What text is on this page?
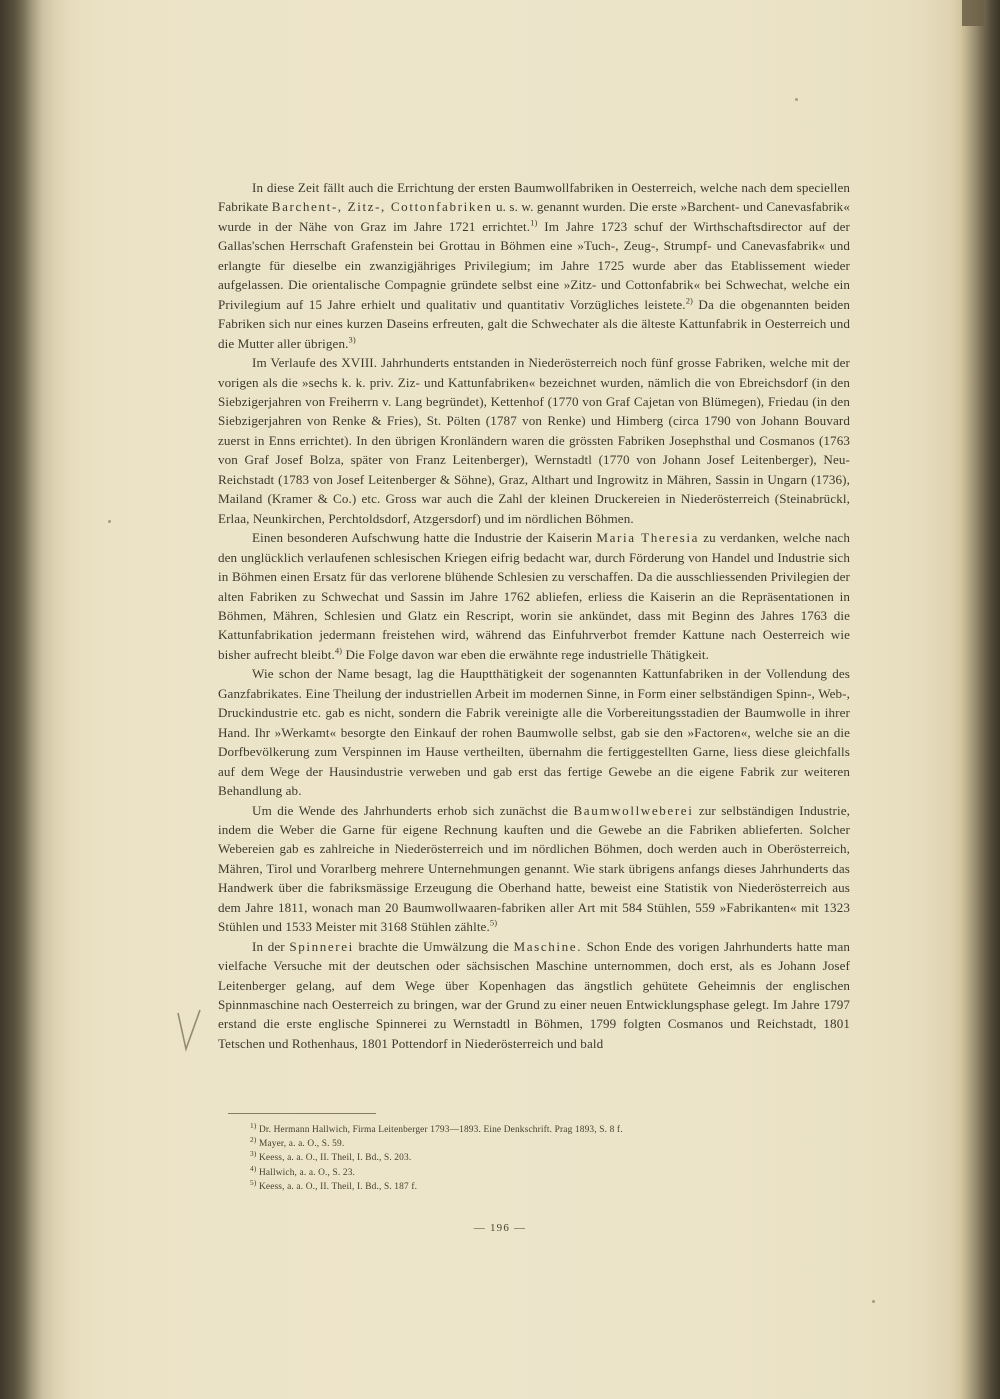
In diese Zeit fällt auch die Errichtung der ersten Baumwollfabriken in Oesterreich, welche nach dem speciellen Fabrikate Barchent-, Zitz-, Cottonfabriken u. s. w. genannt wurden. Die erste »Barchent- und Canevasfabrik« wurde in der Nähe von Graz im Jahre 1721 errichtet.$^{1)}$ Im Jahre 1723 schuf der Wirthschaftsdirector auf der Gallas'schen Herrschaft Grafenstein bei Grottau in Böhmen eine »Tuch-, Zeug-, Strumpf- und Canevasfabrik« und erlangte für dieselbe ein zwanzigjähriges Privilegium; im Jahre 1725 wurde aber das Etablissement wieder aufgelassen. Die orientalische Compagnie gründete selbst eine »Zitz- und Cottonfabrik« bei Schwechat, welche ein Privilegium auf 15 Jahre erhielt und qualitativ und quantitativ Vorzügliches leistete.$^{2)}$ Da die obgenannten beiden Fabriken sich nur eines kurzen Daseins erfreuten, galt die Schwechater als die älteste Kattunfabrik in Oesterreich und die Mutter aller übrigen.$^{3)}$

Im Verlaufe des XVIII. Jahrhunderts entstanden in Niederösterreich noch fünf grosse Fabriken, welche mit der vorigen als die »sechs k. k. priv. Ziz- und Kattunfabriken« bezeichnet wurden, nämlich die von Ebreichsdorf (in den Siebzigerjahren von Freiherrn v. Lang begründet), Kettenhof (1770 von Graf Cajetan von Blümegen), Friedau (in den Siebzigerjahren von Renke & Fries), St. Pölten (1787 von Renke) und Himberg (circa 1790 von Johann Bouvard zuerst in Enns errichtet). In den übrigen Kronländern waren die grössten Fabriken Josephsthal und Cosmanos (1763 von Graf Josef Bolza, später von Franz Leitenberger), Wernstadtl (1770 von Johann Josef Leitenberger), Neu-Reichstadt (1783 von Josef Leitenberger & Söhne), Graz, Althart und Ingrowitz in Mähren, Sassin in Ungarn (1736), Mailand (Kramer & Co.) etc. Gross war auch die Zahl der kleinen Druckereien in Niederösterreich (Steinabrückl, Erlaa, Neunkirchen, Perchtoldsdorf, Atzgersdorf) und im nördlichen Böhmen.

Einen besonderen Aufschwung hatte die Industrie der Kaiserin Maria Theresia zu verdanken, welche nach den unglücklich verlaufenen schlesischen Kriegen eifrig bedacht war, durch Förderung von Handel und Industrie sich in Böhmen einen Ersatz für das verlorene blühende Schlesien zu verschaffen. Da die ausschliessenden Privilegien der alten Fabriken zu Schwechat und Sassin im Jahre 1762 abliefen, erliess die Kaiserin an die Repräsentationen in Böhmen, Mähren, Schlesien und Glatz ein Rescript, worin sie ankündet, dass mit Beginn des Jahres 1763 die Kattunfabrikation jedermann freistehen wird, während das Einfuhrverbot fremder Kattune nach Oesterreich wie bisher aufrecht bleibt.$^{4)}$ Die Folge davon war eben die erwähnte rege industrielle Thätigkeit.

Wie schon der Name besagt, lag die Hauptthätigkeit der sogenannten Kattunfabriken in der Vollendung des Ganzfabrikates. Eine Theilung der industriellen Arbeit im modernen Sinne, in Form einer selbständigen Spinn-, Web-, Druckindustrie etc. gab es nicht, sondern die Fabrik vereinigte alle die Vorbereitungsstadien der Baumwolle in ihrer Hand. Ihr »Werkamt« besorgte den Einkauf der rohen Baumwolle selbst, gab sie den »Factoren«, welche sie an die Dorfbevölkerung zum Verspinnen im Hause vertheilten, übernahm die fertiggestellten Garne, liess diese gleichfalls auf dem Wege der Hausindustrie verweben und gab erst das fertige Gewebe an die eigene Fabrik zur weiteren Behandlung ab.

Um die Wende des Jahrhunderts erhob sich zunächst die Baumwollweberei zur selbständigen Industrie, indem die Weber die Garne für eigene Rechnung kauften und die Gewebe an die Fabriken ablieferten. Solcher Webereien gab es zahlreiche in Niederösterreich und im nördlichen Böhmen, doch werden auch in Oberösterreich, Mähren, Tirol und Vorarlberg mehrere Unternehmungen genannt. Wie stark übrigens anfangs dieses Jahrhunderts das Handwerk über die fabriksmässige Erzeugung die Oberhand hatte, beweist eine Statistik von Niederösterreich aus dem Jahre 1811, wonach man 20 Baumwollwaaren-fabriken aller Art mit 584 Stühlen, 559 »Fabrikanten« mit 1323 Stühlen und 1533 Meister mit 3168 Stühlen zählte.$^{5)}$

In der Spinnerei brachte die Umwälzung die Maschine. Schon Ende des vorigen Jahrhunderts hatte man vielfache Versuche mit der deutschen oder sächsischen Maschine unternommen, doch erst, als es Johann Josef Leitenberger gelang, auf dem Wege über Kopenhagen das ängstlich gehütete Geheimnis der englischen Spinnmaschine nach Oesterreich zu bringen, war der Grund zu einer neuen Entwicklungsphase gelegt. Im Jahre 1797 erstand die erste englische Spinnerei zu Wernstadtl in Böhmen, 1799 folgten Cosmanos und Reichstadt, 1801 Tetschen und Rothenhaus, 1801 Pottendorf in Niederösterreich und bald

$^{1)}$ Dr. Hermann Hallwich, Firma Leitenberger 1793—1893. Eine Denkschrift. Prag 1893, S. 8 f.
$^{2)}$ Mayer, a. a. O., S. 59.
$^{3)}$ Keess, a. a. O., II. Theil, I. Bd., S. 203.
$^{4)}$ Hallwich, a. a. O., S. 23.
$^{5)}$ Keess, a. a. O., II. Theil, I. Bd., S. 187 f.
— 196 —
